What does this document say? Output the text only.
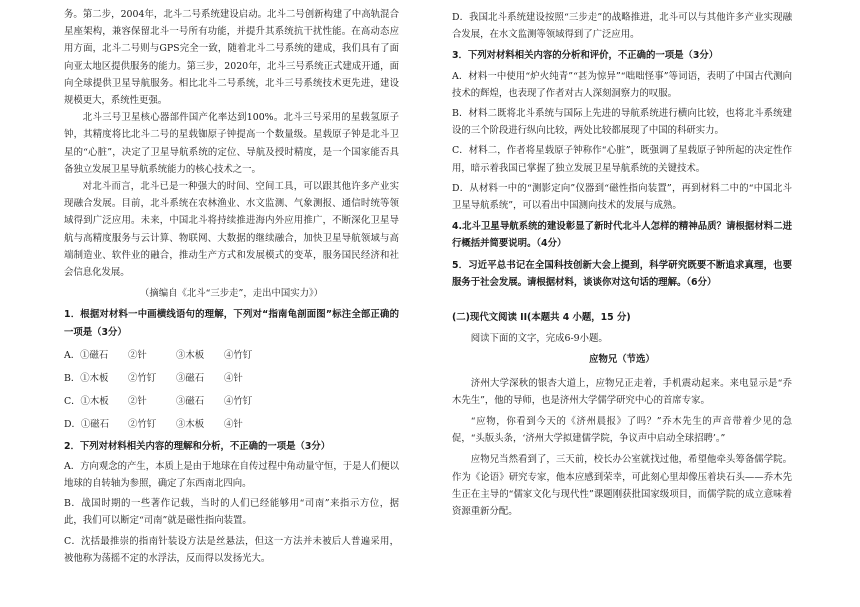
务。第二步，2004年，北斗二号系统建设启动。北斗二号创新构建了中高轨混合星座架构，兼容保留北斗一号所有功能，并提升其系统抗干扰性能。在高动态应用方面，北斗二号则与GPS完全一致，随着北斗二号系统的建成，我们具有了面向亚太地区提供服务的能力。第三步，2020年，北斗三号系统正式建成开通，面向全球提供卫星导航服务。相比北斗二号系统，北斗三号系统技术更先进，建设规模更大，系统性更强。

北斗三号卫星核心器部件国产化率达到100%。北斗三号采用的星载氢原子钟，其精度将比北斗二号的星载铷原子钟提高一个数量级。星载原子钟是北斗卫星的“心脏”，决定了卫星导航系统的定位、导航及授时精度，是一个国家能否具备独立发展卫星导航系统能力的核心技术之一。

对北斗而言，北斗已是一种强大的时间、空间工具，可以跟其他许多产业实现融合发展。目前，北斗系统在农林渔业、水文监测、气象测报、通信时统等领域得到广泛应用。未来，中国北斗将持续推进海内外应用推广，不断深化卫星导航与高精度服务与云计算、物联网、大数据的继续融合，加快卫星导航领域与高端制造业、软件业的融合，推动生产方式和发展模式的变革，服务国民经济和社会信息化发展。

（摘编自《北斗“三步走”，走出中国实力》）

1．根据对材料一中画横线语句的理解，下列对“指南龟剖面图”标注全部正确的一项是（3分）

A．①磁石	②针	③木板	④竹钉
B．①木板	②竹钉	③磁石	④针
C．①木板	②针	③磁石	④竹钉
D．①磁石	②竹钉	③木板	④针

2．下列对材料相关内容的理解和分析，不正确的一项是（3分）

A．方向观念的产生，本质上是由于地球在自传过程中角动量守恒，于是人们便以地球的自转轴为参照，确定了东西南北四向。

B．战国时期的一些著作记载，当时的人们已经能够用“司南”来指示方位，据此，我们可以断定“司南”就是磁性指向装置。

C．沈括最推崇的指南针装设方法是丝悬法，但这一方法并未被后人普遍采用，被他称为荡摇不定的水浮法，反而得以发扬光大。

D．我国北斗系统建设按照“三步走”的战略推进，北斗可以与其他许多产业实现融合发展，在水文监测等领域得到了广泛应用。

3．下列对材料相关内容的分析和评价，不正确的一项是（3分）

A．材料一中使用“炉火纯青”“甚为惊异”“咄咄怪事”等词语，表明了中国古代测向技术的辉煌，也表现了作者对古人深刻洞察力的叹服。

B．材料二既将北斗系统与国际上先进的导航系统进行横向比较，也将北斗系统建设的三个阶段进行纵向比较，两处比较都展现了中国的科研实力。

C．材料二，作者将星载原子钟称作“心脏”，既强调了星载原子钟所起的决定性作用，暗示着我国已掌握了独立发展卫星导航系统的关键技术。

D．从材料一中的“测影定向”仪器到“磁性指向装置”，再到材料二中的“中国北斗卫星导航系统”，可以看出中国测向技术的发展与成熟。

4.北斗卫星导航系统的建设彰显了新时代北斗人怎样的精神品质？请根据材料二进行概括并简要说明。（4分）

5．习近平总书记在全国科技创新大会上提到，科学研究既要不断追求真理，也要服务于社会发展。请根据材料，谈谈你对这句话的理解。（6分）

(二)现代文阅读 II(本题共 4 小题，15 分)

阅读下面的文字，完成6-9小题。

应物兄（节选）

济州大学深秋的银杏大道上，应物兄正走着，手机震动起来。来电显示是“乔木先生”，他的导师，也是济州大学儒学研究中心的首席专家。

“应物，你看到今天的《济州晨报》了吗？”乔木先生的声音带着少见的急促，“头版头条，‘济州大学拟建儒学院，争议声中启动全球招聘’。”

应物兄当然看到了，三天前，校长办公室就找过他，希望他牵头筹备儒学院。作为《论语》研究专家，他本应感到荣幸，可此刻心里却像压着块石头——乔木先生正在主导的“儒家文化与现代性”课题刚获批国家级项目，而儒学院的成立意味着资源重新分配。
